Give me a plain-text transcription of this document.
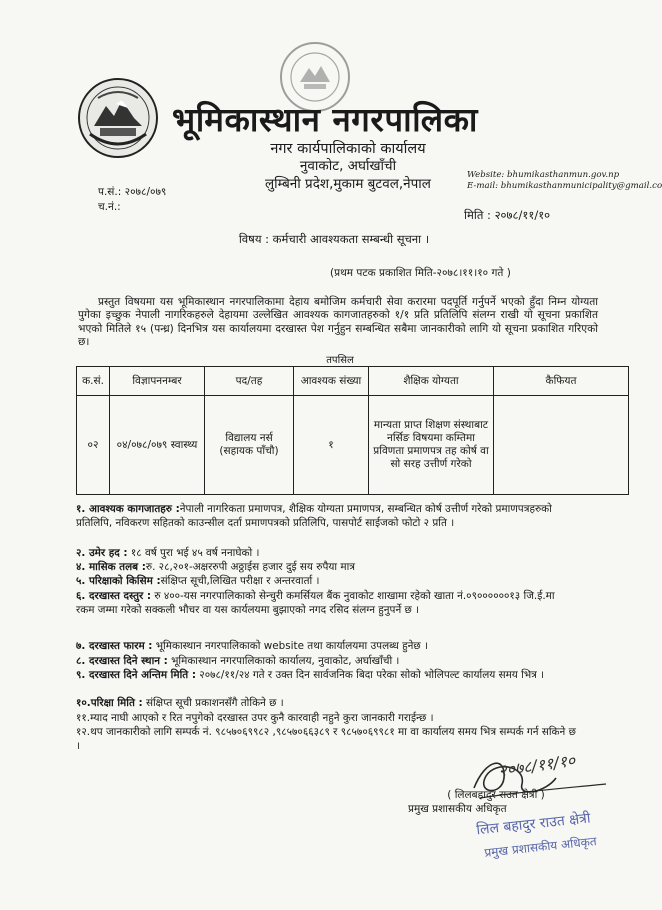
भूमिकास्थान नगरपालिका
नगर कार्यपालिकाको कार्यालय
नुवाकोट, अर्घाखाँची
लुम्बिनी प्रदेश,मुकाम बुटवल,नेपाल
Website: bhumikasthanmun.gov.np
E-mail: bhumikasthanmunicipality@gmail.co
प.सं.: २०७८/०७९
च.नं.:
मिति : २०७८/११/१०
विषय : कर्मचारी आवश्यकता सम्बन्धी सूचना ।
(प्रथम पटक प्रकाशित मिति-२०७८।११।१० गते )
प्रस्तुत विषयमा यस भूमिकास्थान नगरपालिकामा देहाय बमोजिम कर्मचारी सेवा करारमा पदपूर्ति गर्नुपर्ने भएको हुँदा निम्न योग्यता पुगेका इच्छुक नेपाली नागरिकहरुले देहायमा उल्लेखित आवश्यक कागजातहरुको १/१ प्रति प्रतिलिपि संलग्न राखी यो सूचना प्रकाशित भएको मितिले १५ (पन्ध्र) दिनभित्र यस कार्यालयमा दरखास्त पेश गर्नुहुन सम्बन्धित सबैमा जानकारीको लागि यो सूचना प्रकाशित गरिएको छ।
तपसिल
क.सं.	विज्ञापननम्बर	पद/तह	आवश्यक संख्या	शैक्षिक योग्यता	कैफियत
०२	०४/०७८/०७९ स्वास्थ्य	विद्यालय नर्स (सहायक पाँचौ)	१	मान्यता प्राप्त शिक्षण संस्थाबाट नर्सिङ विषयमा कम्तिमा प्रविणता प्रमाणपत्र तह कोर्ष वा सो सरह उत्तीर्ण गरेको	
१. आवश्यक कागजातहरु :नेपाली नागरिकता प्रमाणपत्र, शैक्षिक योग्यता प्रमाणपत्र, सम्बन्धित कोर्ष उत्तीर्ण गरेको प्रमाणपत्रहरुको प्रतिलिपि, नविकरण सहितको काउन्सील दर्ता प्रमाणपत्रको प्रतिलिपि, पासपोर्ट साईजको फोटो २ प्रति ।
२. उमेर हद : १८ वर्ष पुरा भई ४५ वर्ष ननाघेको ।
४. मासिक तलब :रु. २८,२०१-अक्षररुपी अठ्ठाईस हजार दुई सय रुपैया मात्र
५. परिक्षाको किसिम :संक्षिप्त सूची,लिखित परीक्षा र अन्तरवार्ता ।
६. दरखास्त दस्तुर : रु ४००-यस नगरपालिकाको सेन्चुरी कमर्सियल बैंक नुवाकोट शाखामा रहेको खाता नं.०९००००००१३ जि.ई.मा रकम जम्मा गरेको सक्कली भौचर वा यस कार्यलयमा बुझाएको नगद रसिद संलग्न हुनुपर्ने छ ।
७. दरखास्त फारम : भूमिकास्थान नगरपालिकाको website तथा कार्यालयमा उपलब्ध हुनेछ ।
८. दरखास्त दिने स्थान : भूमिकास्थान नगरपालिकाको कार्यालय, नुवाकोट, अर्घाखाँची ।
९. दरखास्त दिने अन्तिम मिति : २०७८/११/२४ गते र उक्त दिन सार्वजनिक बिदा परेका सोको भोलिपल्ट कार्यालय समय भित्र ।
१०.परिक्षा मिति : संक्षिप्त सूची प्रकाशनसँगै तोकिने छ ।
११.म्याद नाघी आएको र रित नपुगेको दरखास्त उपर कुनै कारवाही नहुने कुरा जानकारी गराईन्छ ।
१२.थप जानकारीको लागि सम्पर्क नं. ९८५७०६९९८२ ,९८५७०६६३८९ र ९८५७०६९९८१ मा वा कार्यालय समय भित्र सम्पर्क गर्न सकिने छ ।
२०७८/११/१०
( लिलबहादुर राउत क्षेत्री )
प्रमुख प्रशासकीय अधिकृत
लिल बहादुर राउत क्षेत्री
प्रमुख प्रशासकीय अधिकृत
